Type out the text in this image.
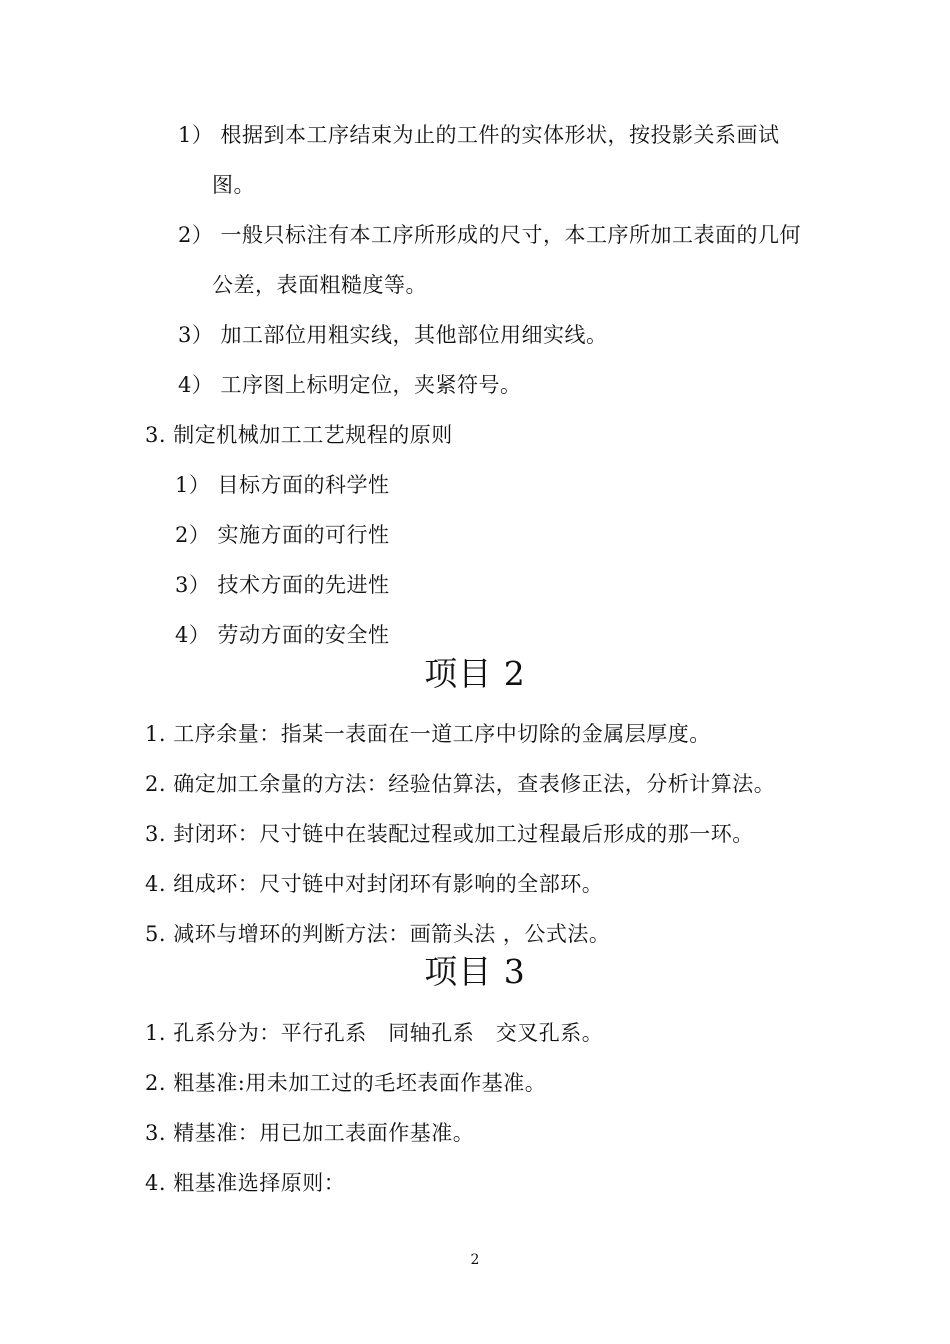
1） 根据到本工序结束为止的工件的实体形状，按投影关系画试
图。
2） 一般只标注有本工序所形成的尺寸，本工序所加工表面的几何
公差，表面粗糙度等。
3） 加工部位用粗实线，其他部位用细实线。
4） 工序图上标明定位，夹紧符号。
3. 制定机械加工工艺规程的原则
1） 目标方面的科学性
2） 实施方面的可行性
3） 技术方面的先进性
4） 劳动方面的安全性
项目 2
1. 工序余量：指某一表面在一道工序中切除的金属层厚度。
2. 确定加工余量的方法：经验估算法，查表修正法，分析计算法。
3. 封闭环：尺寸链中在装配过程或加工过程最后形成的那一环。
4. 组成环：尺寸链中对封闭环有影响的全部环。
5. 减环与增环的判断方法：画箭头法 ，公式法。
项目 3
1. 孔系分为：平行孔系　同轴孔系　交叉孔系。
2. 粗基准:用未加工过的毛坯表面作基准。
3. 精基准：用已加工表面作基准。
4. 粗基准选择原则：
2
